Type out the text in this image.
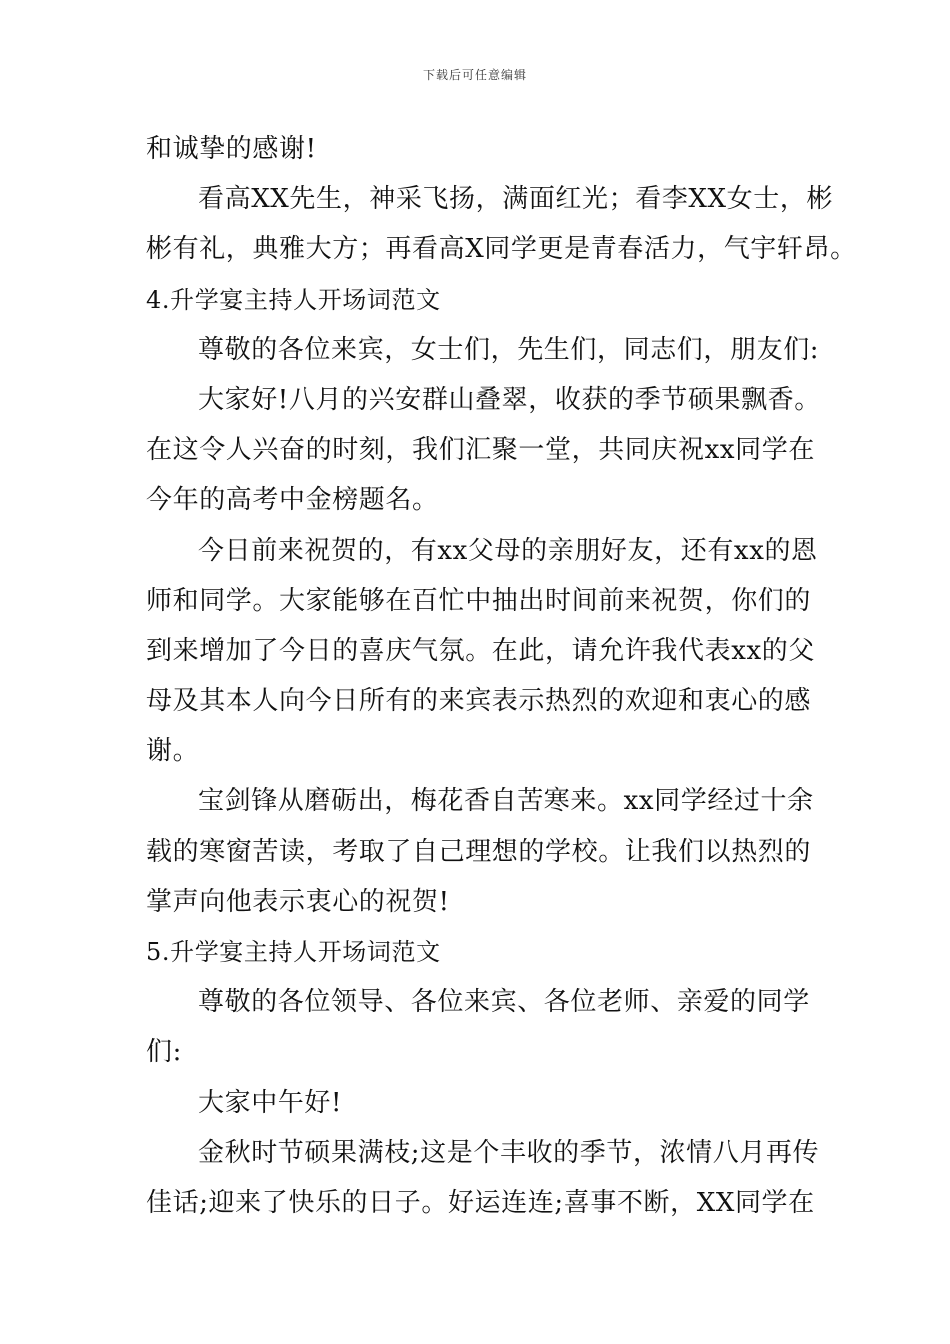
下载后可任意编辑
和诚挚的感谢!
看高XX先生，神采飞扬，满面红光；看李XX女士，彬
彬有礼，典雅大方；再看高X同学更是青春活力，气宇轩昂。
4.升学宴主持人开场词范文
尊敬的各位来宾，女士们，先生们，同志们，朋友们:
大家好!八月的兴安群山叠翠，收获的季节硕果飘香。
在这令人兴奋的时刻，我们汇聚一堂，共同庆祝xx同学在
今年的高考中金榜题名。
今日前来祝贺的，有xx父母的亲朋好友，还有xx的恩
师和同学。大家能够在百忙中抽出时间前来祝贺，你们的
到来增加了今日的喜庆气氛。在此，请允许我代表xx的父
母及其本人向今日所有的来宾表示热烈的欢迎和衷心的感
谢。
宝剑锋从磨砺出，梅花香自苦寒来。xx同学经过十余
载的寒窗苦读，考取了自己理想的学校。让我们以热烈的
掌声向他表示衷心的祝贺!
5.升学宴主持人开场词范文
尊敬的各位领导、各位来宾、各位老师、亲爱的同学
们:
大家中午好!
金秋时节硕果满枝;这是个丰收的季节，浓情八月再传
佳话;迎来了快乐的日子。好运连连;喜事不断，XX同学在
